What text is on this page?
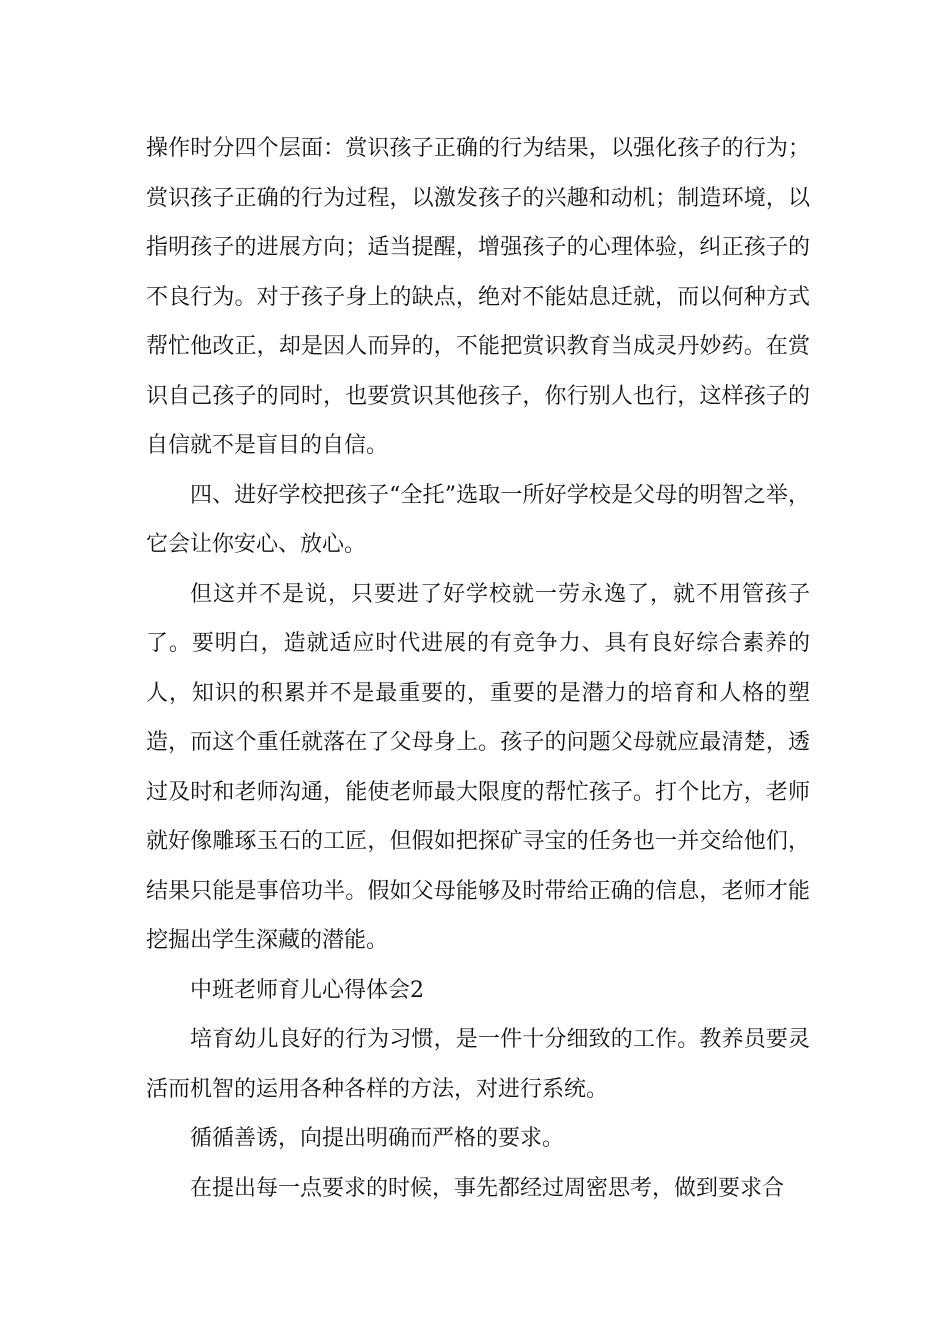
操作时分四个层面：赏识孩子正确的行为结果，以强化孩子的行为；赏识孩子正确的行为过程，以激发孩子的兴趣和动机；制造环境，以指明孩子的进展方向；适当提醒，增强孩子的心理体验，纠正孩子的不良行为。对于孩子身上的缺点，绝对不能姑息迁就，而以何种方式帮忙他改正，却是因人而异的，不能把赏识教育当成灵丹妙药。在赏识自己孩子的同时，也要赏识其他孩子，你行别人也行，这样孩子的自信就不是盲目的自信。

四、进好学校把孩子“全托”选取一所好学校是父母的明智之举，它会让你安心、放心。

但这并不是说，只要进了好学校就一劳永逸了，就不用管孩子了。要明白，造就适应时代进展的有竞争力、具有良好综合素养的人，知识的积累并不是最重要的，重要的是潜力的培育和人格的塑造，而这个重任就落在了父母身上。孩子的问题父母就应最清楚，透过及时和老师沟通，能使老师最大限度的帮忙孩子。打个比方，老师就好像雕琢玉石的工匠，但假如把探矿寻宝的任务也一并交给他们，结果只能是事倍功半。假如父母能够及时带给正确的信息，老师才能挖掘出学生深藏的潜能。

中班老师育儿心得体会2

培育幼儿良好的行为习惯，是一件十分细致的工作。教养员要灵活而机智的运用各种各样的方法，对进行系统。

循循善诱，向提出明确而严格的要求。

在提出每一点要求的时候，事先都经过周密思考，做到要求合
